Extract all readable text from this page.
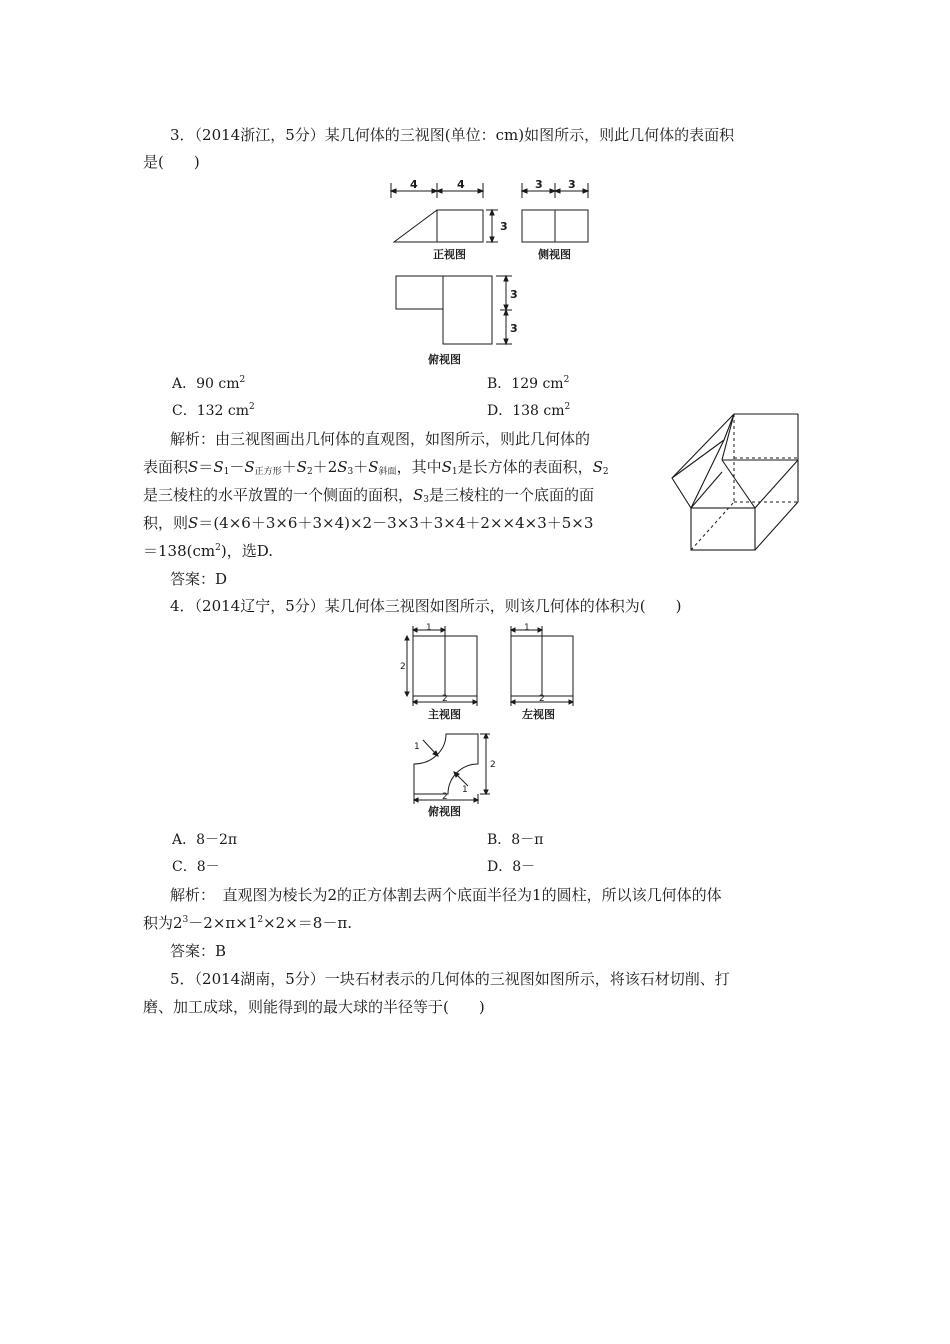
3．（2014浙江，5分）某几何体的三视图(单位：cm)如图所示，则此几何体的表面积
是(　　)
4	4
3
3 3
3
3
正视图	侧视图
俯视图
A．90 $cm^2$	B．129 $cm^2$
C．132 $cm^2$	D．138 $cm^2$
解析：由三视图画出几何体的直观图，如图所示，则此几何体的
表面积$S=S_1-S_{正方形}+S_2+2S_3+S_{斜面}$，其中$S_1$是长方体的表面积，$S_2$
是三棱柱的水平放置的一个侧面的面积，$S_3$是三棱柱的一个底面的面
积，则S＝(4×6＋3×6＋3×4)×2－3×3＋3×4＋2××4×3＋5×3
$=138(cm^2)$，选D.
答案：D
4．（2014辽宁，5分）某几何体三视图如图所示，则该几何体的体积为(　　)
1
2
2
1
2
1
1
2
2
主视图	左视图
俯视图
A．8－2π	B．8－π
C．8－	D．8－
解析：　直观图为棱长为2的正方体割去两个底面半径为1的圆柱，所以该几何体的体
积为$2^3-2\times\pi\times 1^2\times 2\times=8-\pi$.
答案：B
5．（2014湖南，5分）一块石材表示的几何体的三视图如图所示，将该石材切削、打
磨、加工成球，则能得到的最大球的半径等于(　　)
